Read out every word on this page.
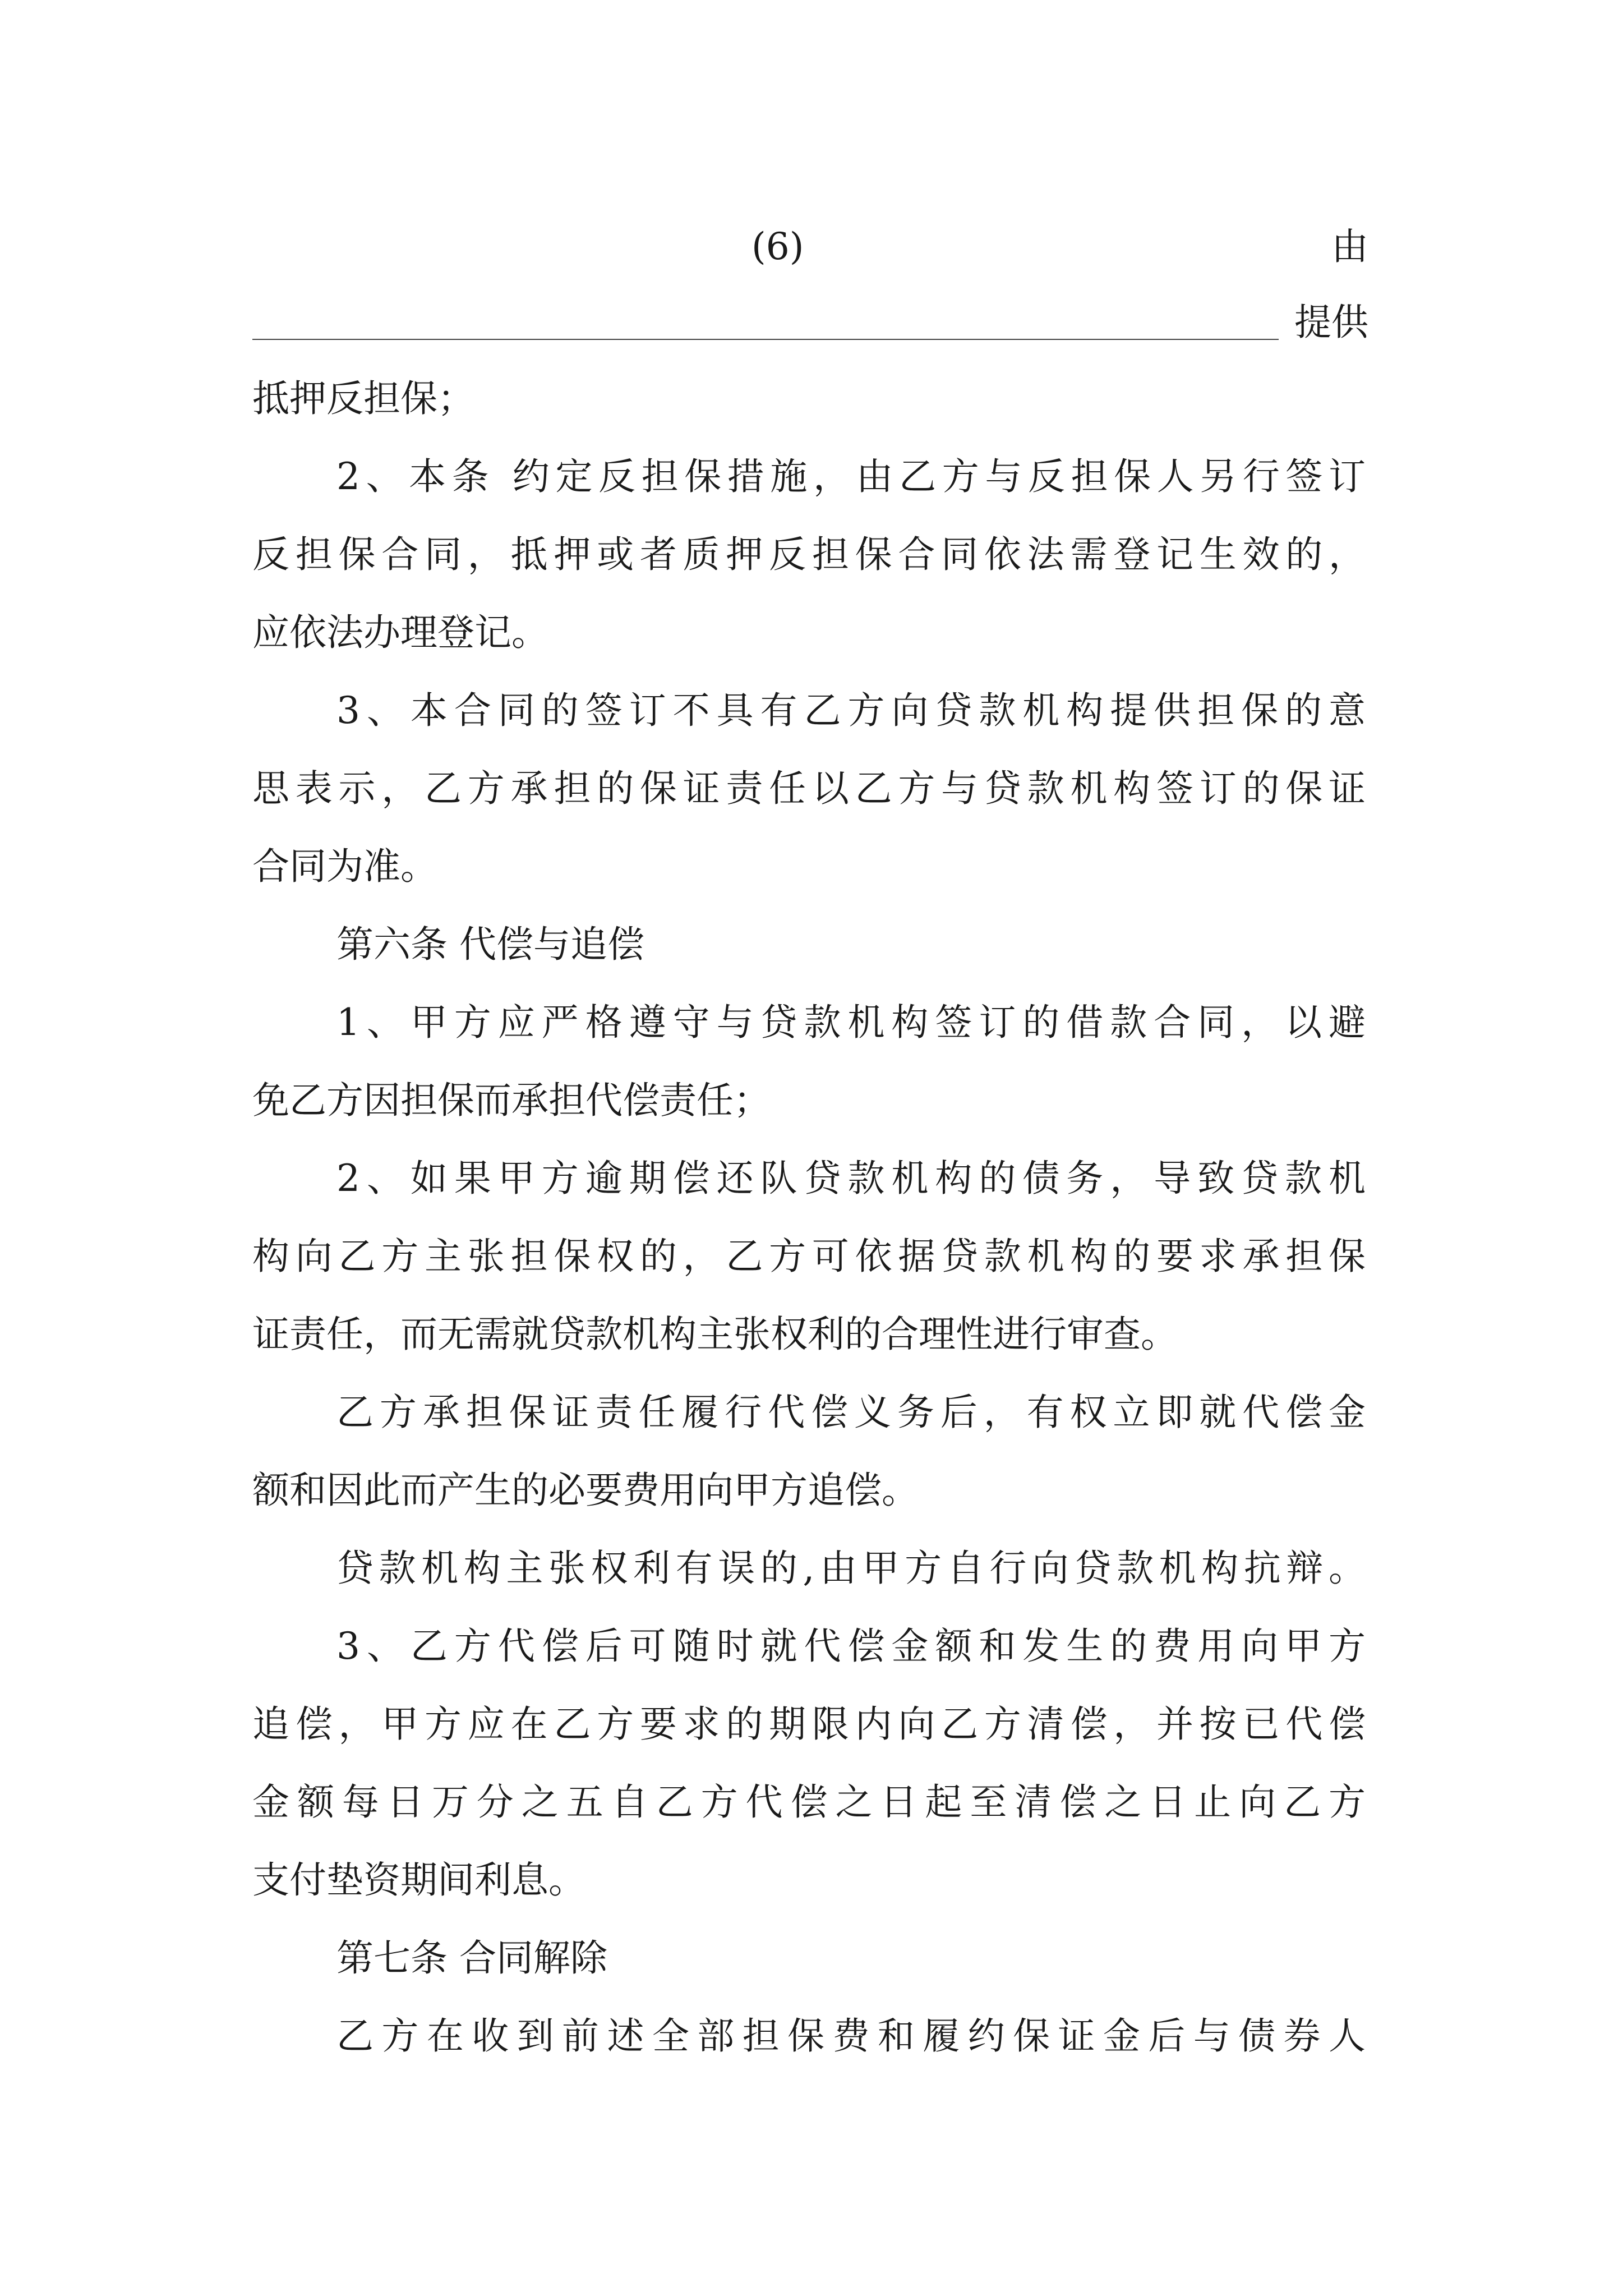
(6)	由
提供
抵押反担保；
2、本条 约定反担保措施，由乙方与反担保人另行签订
反担保合同，抵押或者质押反担保合同依法需登记生效的，
应依法办理登记。
3、本合同的签订不具有乙方向贷款机构提供担保的意
思表示，乙方承担的保证责任以乙方与贷款机构签订的保证
合同为准。
第六条 代偿与追偿
1、甲方应严格遵守与贷款机构签订的借款合同，以避
免乙方因担保而承担代偿责任；
2、如果甲方逾期偿还队贷款机构的债务，导致贷款机
构向乙方主张担保权的，乙方可依据贷款机构的要求承担保
证责任，而无需就贷款机构主张权利的合理性进行审查。
乙方承担保证责任履行代偿义务后，有权立即就代偿金
额和因此而产生的必要费用向甲方追偿。
贷款机构主张权利有误的,由甲方自行向贷款机构抗辩。
3、乙方代偿后可随时就代偿金额和发生的费用向甲方
追偿，甲方应在乙方要求的期限内向乙方清偿，并按已代偿
金额每日万分之五自乙方代偿之日起至清偿之日止向乙方
支付垫资期间利息。
第七条 合同解除
乙方在收到前述全部担保费和履约保证金后与债券人
